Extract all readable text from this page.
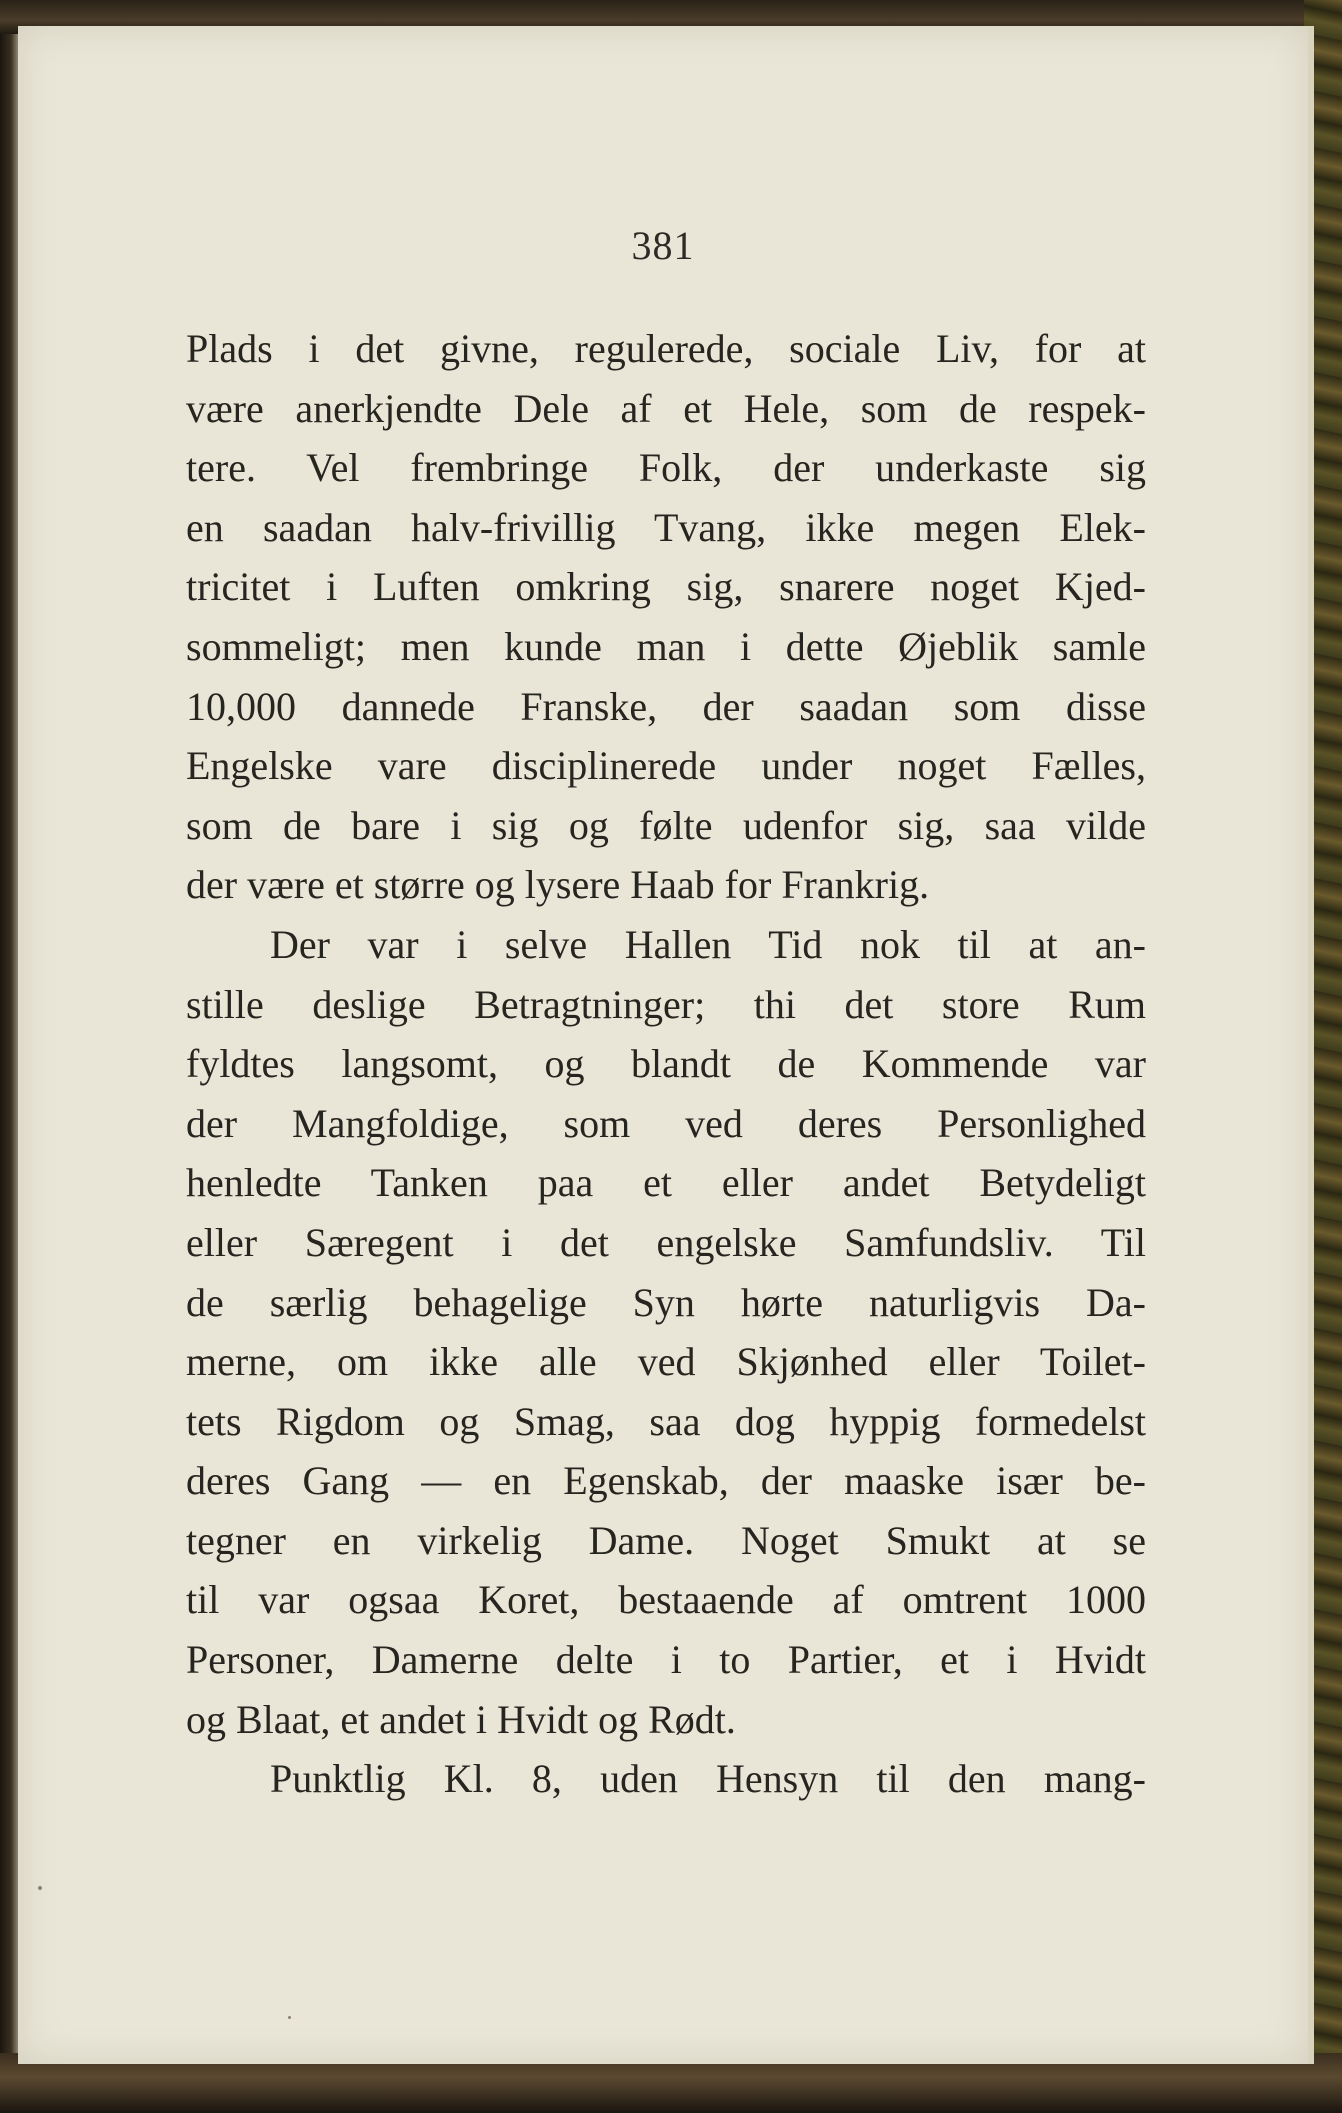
381
Plads i det givne, regulerede, sociale Liv, for at
være anerkjendte Dele af et Hele, som de respek-
tere. Vel frembringe Folk, der underkaste sig
en saadan halv-frivillig Tvang, ikke megen Elek-
tricitet i Luften omkring sig, snarere noget Kjed-
sommeligt; men kunde man i dette Øjeblik samle
10,000 dannede Franske, der saadan som disse
Engelske vare disciplinerede under noget Fælles,
som de bare i sig og følte udenfor sig, saa vilde
der være et større og lysere Haab for Frankrig.
Der var i selve Hallen Tid nok til at an-
stille deslige Betragtninger; thi det store Rum
fyldtes langsomt, og blandt de Kommende var
der Mangfoldige, som ved deres Personlighed
henledte Tanken paa et eller andet Betydeligt
eller Særegent i det engelske Samfundsliv. Til
de særlig behagelige Syn hørte naturligvis Da-
merne, om ikke alle ved Skjønhed eller Toilet-
tets Rigdom og Smag, saa dog hyppig formedelst
deres Gang — en Egenskab, der maaske især be-
tegner en virkelig Dame. Noget Smukt at se
til var ogsaa Koret, bestaaende af omtrent 1000
Personer, Damerne delte i to Partier, et i Hvidt
og Blaat, et andet i Hvidt og Rødt.
Punktlig Kl. 8, uden Hensyn til den mang-
